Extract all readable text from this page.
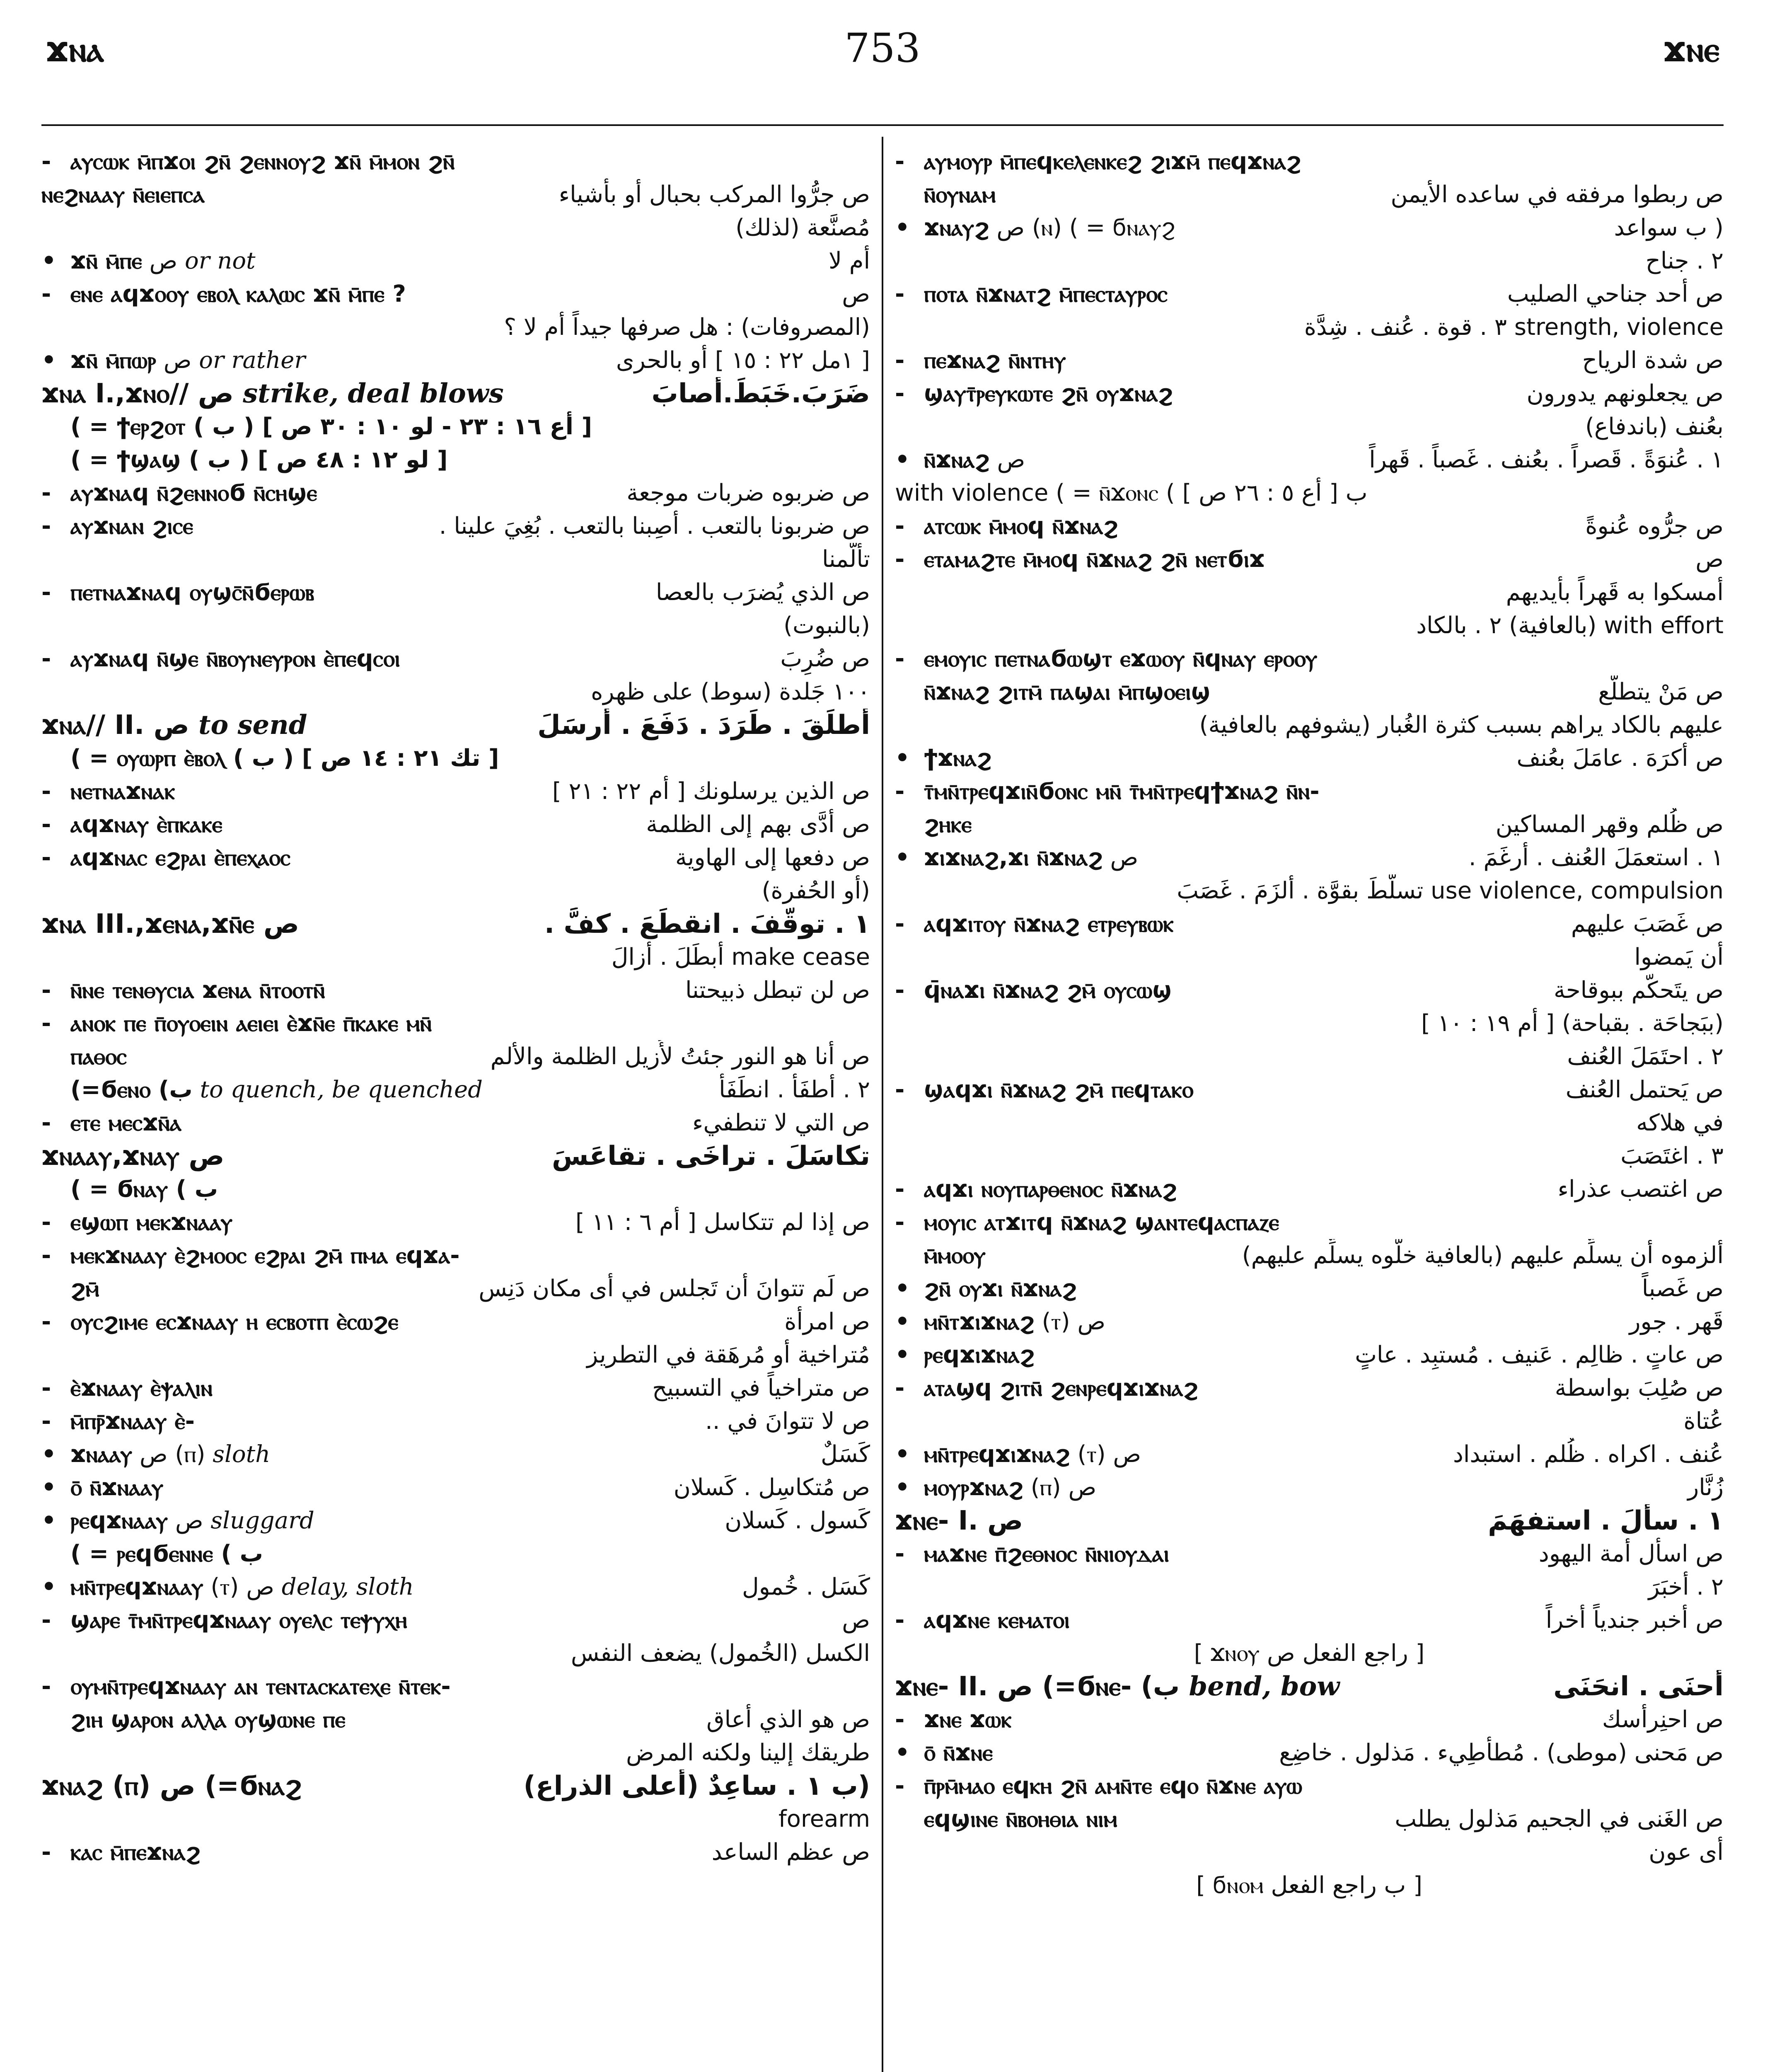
ϫⲛⲁ	753	ϫⲛⲉ
- ⲁⲩⲥⲱⲕ ⲙ̄ⲡϫⲟⲓ ϩⲛ̄ ϩⲉⲛⲛⲟⲩϩ ϫⲛ̄ ⲙ̄ⲙⲟⲛ ϩⲛ̄
ⲛⲉϩⲛⲁⲁⲩ ⲛ̄ⲉⲓⲉⲡⲥⲁ	ص جرُّوا المركب بحبال أو بأشياء
مُصنَّعة (لذلك)
• ϫⲛ̄ ⲙ̄ⲡⲉ ص or not	أم لا
- ⲉⲛⲉ ⲁϥϫⲟⲟⲩ ⲉⲃⲟⲗ ⲕⲁⲗⲱⲥ ϫⲛ̄ ⲙ̄ⲡⲉ ?	ص
(المصروفات) : هل صرفها جيداً أم لا ؟
• ϫⲛ̄ ⲙ̄ⲡⲱⲣ ص or rather	[ ١مل ٢٢ : ١٥ ] أو بالحرى
ϫⲛⲁ I.,ϫⲛⲟ// ص strike, deal blows	ضَرَبَ.خَبَطَ.أصابَ
( = ϯⲉⲣϩⲟⲧ ( ب ) [ أع ١٦ : ٢٣ - لو ١٠ : ٣٠ ص ]
( = ϯϣⲁϣ ( ب ) [ لو ١٢ : ٤٨ ص ]
- ⲁⲩϫⲛⲁϥ ⲛ̄ϩⲉⲛⲛⲟϭ ⲛ̄ⲥⲏϣⲉ	ص ضربوه ضربات موجعة
- ⲁⲩϫⲛⲁⲛ ϩⲓⲥⲉ	ص ضربونا بالتعب . أصِبنا بالتعب . بُغِيَ علينا .
تألَّمنا
- ⲡⲉⲧⲛⲁϫⲛⲁϥ ⲟⲩϣⲥ̄ⲛ̄ϭⲉⲣⲱⲃ	ص الذي يُضرَب بالعصا
(بالنبوت)
- ⲁⲩϫⲛⲁϥ ⲛ̄ϣⲉ ⲛ̄ⲃⲟⲩⲛⲉⲩⲣⲟⲛ ⲉ̀ⲡⲉϥⲥⲟⲓ	ص ضُرِبَ
١٠٠ جَلدة (سوط) على ظهره
ϫⲛⲁ// II. ص to send	أطلَقَ . طَرَدَ . دَفَعَ . أرسَلَ
( = ⲟⲩⲱⲣⲡ ⲉ̀ⲃⲟⲗ ( ب ) [ تك ٢١ : ١٤ ص ]
- ⲛⲉⲧⲛⲁϫⲛⲁⲕ	ص الذين يرسلونك [ أم ٢٢ : ٢١ ]
- ⲁϥϫⲛⲁⲩ ⲉ̀ⲡⲕⲁⲕⲉ	ص أدَّى بهم إلى الظلمة
- ⲁϥϫⲛⲁⲥ ⲉϩⲣⲁⲓ ⲉ̀ⲡⲉⲭⲁⲟⲥ	ص دفعها إلى الهاوية
(أو الحُفرة)
ϫⲛⲁ III.,ϫⲉⲛⲁ,ϫⲛ̄ⲉ ص	١ . توقَّفَ . انقطَعَ . كفَّ .
make cease أبطَلَ . أزالَ
- ⲛ̄ⲛⲉ ⲧⲉⲛⲑⲩⲥⲓⲁ ϫⲉⲛⲁ ⲛ̄ⲧⲟⲟⲧⲛ̄	ص لن تبطل ذبيحتنا
- ⲁⲛⲟⲕ ⲡⲉ ⲡ̄ⲟⲩⲟⲉⲓⲛ ⲁⲉⲓⲉⲓ ⲉ̀ϫⲛ̄ⲉ ⲡ̄ⲕⲁⲕⲉ ⲙⲛ̄
ⲡⲁⲑⲟⲥ	ص أنا هو النور جئتُ لأُزيل الظلمة والألم
(=ϭⲉⲛⲟ (ب to quench, be quenched	٢ . أطفَأَ . انطَفَأَ
- ⲉⲧⲉ ⲙⲉⲥϫⲛ̄ⲁ	ص التي لا تنطفيء
ϫⲛⲁⲁⲩ,ϫⲛⲁⲩ ص	تكاسَلَ . تراخَى . تقاعَسَ
( = ϭⲛⲁⲩ ( ب
- ⲉϣⲱⲡ ⲙⲉⲕϫⲛⲁⲁⲩ	ص إذا لم تتكاسل [ أم ٦ : ١١ ]
- ⲙⲉⲕϫⲛⲁⲁⲩ ⲉ̀ϩⲙⲟⲟⲥ ⲉϩⲣⲁⲓ ϩⲙ̄ ⲡⲙⲁ ⲉϥϫⲁ-
ϩⲙ̄	ص لَم تتوانَ أن تَجلس في أى مكان دَنِس
- ⲟⲩⲥϩⲓⲙⲉ ⲉⲥϫⲛⲁⲁⲩ ⲏ ⲉⲥⲃⲟⲧⲡ ⲉ̀ⲥⲱϩⲉ	ص امرأة
مُتراخية أو مُرهَقة في التطريز
- ⲉ̀ϫⲛⲁⲁⲩ ⲉ̀ⲯⲁⲗⲓⲛ	ص متراخياً في التسبيح
- ⲙ̄ⲡⲣ̄ϫⲛⲁⲁⲩ ⲉ̀-	ص لا تتوانَ في ..
• ϫⲛⲁⲁⲩ ص (ⲡ) sloth	كَسَلٌ
• ⲟ̄ ⲛ̄ϫⲛⲁⲁⲩ	ص مُتكاسِل . كَسلان
• ⲣⲉϥϫⲛⲁⲁⲩ ص sluggard	كَسول . كَسلان
( = ⲣⲉϥϭⲉⲛⲛⲉ ( ب
• ⲙⲛ̄ⲧⲣⲉϥϫⲛⲁⲁⲩ (ⲧ) ص delay, sloth	كَسَل . خُمول
- ϣⲁⲣⲉ ⲧ̄ⲙⲛ̄ⲧⲣⲉϥϫⲛⲁⲁⲩ ⲟⲩⲉⲗⲥ ⲧⲉⲯⲩⲭⲏ	ص
الكسل (الخُمول) يضعف النفس
- ⲟⲩⲙⲛ̄ⲧⲣⲉϥϫⲛⲁⲁⲩ ⲁⲛ ⲧⲉⲛⲧⲁⲥⲕⲁⲧⲉⲭⲉ ⲛ̄ⲧⲉⲕ-
ϩⲓⲏ ϣⲁⲣⲟⲛ ⲁⲗⲗⲁ ⲟⲩϣⲱⲛⲉ ⲡⲉ	ص هو الذي أعاق
طريقك إلينا ولكنه المرض
ϫⲛⲁϩ (ⲡ) ص (=ϭⲛⲁϩ	(ب ١ . ساعِدٌ (أعلى الذراع)
forearm
- ⲕⲁⲥ ⲙ̄ⲡⲉϫⲛⲁϩ	ص عظم الساعد
- ⲁⲩⲙⲟⲩⲣ ⲙ̄ⲡⲉϥⲕⲉⲗⲉⲛⲕⲉϩ ϩⲓϫⲙ̄ ⲡⲉϥϫⲛⲁϩ
ⲛ̄ⲟⲩⲛⲁⲙ	ص ربطوا مرفقه في ساعده الأيمن
• ϫⲛⲁⲩϩ ص (ⲛ) ( = ϭⲛⲁⲩϩ	( ب سواعد
٢ . جناح
- ⲡⲟⲧⲁ ⲛ̄ϫⲛⲁⲧϩ ⲙ̄ⲡⲉⲥⲧⲁⲩⲣⲟⲥ	ص أحد جناحي الصليب
strength, violence ٣ . قوة . عُنف . شِدَّة
- ⲡⲉϫⲛⲁϩ ⲛ̄ⲛⲧⲏⲩ	ص شدة الرياح
- ϣⲁⲩⲧ̄ⲣⲉⲩⲕⲱⲧⲉ ϩⲛ̄ ⲟⲩϫⲛⲁϩ	ص يجعلونهم يدورون
بعُنف (باندفاع)
• ⲛ̄ϫⲛⲁϩ ص	١ . عُنوَةً . قَصراً . بعُنف . غَصباً . قَهراً
with violence ( = ⲛ̄ϫⲟⲛⲥ ( ب [ أع ٥ : ٢٦ ص ]
- ⲁⲧⲥⲱⲕ ⲙ̄ⲙⲟϥ ⲛ̄ϫⲛⲁϩ	ص جرُّوه عُنوةً
- ⲉⲧⲁⲙⲁϩⲧⲉ ⲙ̄ⲙⲟϥ ⲛ̄ϫⲛⲁϩ ϩⲛ̄ ⲛⲉⲧϭⲓϫ	ص
أمسكوا به قَهراً بأيديهم
with effort (بالعافية) ٢ . بالكاد
- ⲉⲙⲟⲩⲓⲥ ⲡⲉⲧⲛⲁϭⲱϣⲧ ⲉϫⲱⲟⲩ ⲛ̄ϥⲛⲁⲩ ⲉⲣⲟⲟⲩ
ⲛ̄ϫⲛⲁϩ ϩⲓⲧⲙ̄ ⲡⲁϣⲁⲓ ⲙ̄ⲡϣⲟⲉⲓϣ	ص مَنْ يتطلَّع
عليهم بالكاد يراهم بسبب كثرة الغُبار (يشوفهم بالعافية)
• ϯϫⲛⲁϩ	ص أكرَهَ . عامَلَ بعُنف
- ⲧ̄ⲙⲛ̄ⲧⲣⲉϥϫⲓⲛ̄ϭⲟⲛⲥ ⲙⲛ̄ ⲧ̄ⲙⲛ̄ⲧⲣⲉϥϯϫⲛⲁϩ ⲛ̄ⲛ-
ϩⲏⲕⲉ	ص ظُلم وقهر المساكين
• ϫⲓϫⲛⲁϩ,ϫⲓ ⲛ̄ϫⲛⲁϩ ص	١ . استعمَلَ العُنف . أرغَمَ .
use violence, compulsion تسلَّطَ بقوَّة . ألزَمَ . غَصَبَ
- ⲁϥϫⲓⲧⲟⲩ ⲛ̄ϫⲛⲁϩ ⲉⲧⲣⲉⲩⲃⲱⲕ	ص غَصَبَ عليهم
أن يَمضوا
- ϥ̄ⲛⲁϫⲓ ⲛ̄ϫⲛⲁϩ ϩⲙ̄ ⲟⲩⲥⲱϣ	ص يتَحكَّم ببوقاحة
(ببَجاحَة . بقباحة) [ أم ١٩ : ١٠ ]
٢ . احتَمَلَ العُنف
- ϣⲁϥϫⲓ ⲛ̄ϫⲛⲁϩ ϩⲙ̄ ⲡⲉϥⲧⲁⲕⲟ	ص يَحتمل العُنف
في هلاكه
٣ . اغتَصَبَ
- ⲁϥϫⲓ ⲛⲟⲩⲡⲁⲣⲑⲉⲛⲟⲥ ⲛ̄ϫⲛⲁϩ	ص اغتصب عذراء
- ⲙⲟⲩⲓⲥ ⲁⲧϫⲓⲧϥ ⲛ̄ϫⲛⲁϩ ϣⲁⲛⲧⲉϥⲁⲥⲡⲁⲍⲉ
ⲙ̄ⲙⲟⲟⲩ	ألزموه أن يسلِّم عليهم (بالعافية خلُّوه يسلِّم عليهم)
• ϩⲛ̄ ⲟⲩϫⲓ ⲛ̄ϫⲛⲁϩ	ص غَصباً
• ⲙⲛ̄ⲧϫⲓϫⲛⲁϩ (ⲧ) ص	قَهر . جور
• ⲣⲉϥϫⲓϫⲛⲁϩ	ص عاتٍ . ظالِم . عَنيف . مُستبِد . عاتٍ
- ⲁⲧⲁϣϥ ϩⲓⲧⲛ̄ ϩⲉⲛⲣⲉϥϫⲓϫⲛⲁϩ	ص صُلِبَ بواسطة
عُتاة
• ⲙⲛ̄ⲧⲣⲉϥϫⲓϫⲛⲁϩ (ⲧ) ص	عُنف . اكراه . ظُلم . استبداد
• ⲙⲟⲩⲣϫⲛⲁϩ (ⲡ) ص	زُنَّار
ϫⲛⲉ- I. ص	١ . سأَلَ . استفهَمَ
- ⲙⲁϫⲛⲉ ⲡ̄ϩⲉⲑⲛⲟⲥ ⲛ̄ⲛⲓⲟⲩⲇⲁⲓ	ص اسأل أمة اليهود
٢ . أخبَرَ
- ⲁϥϫⲛⲉ ⲕⲉⲙⲁⲧⲟⲓ	ص أخبر جندياً أخراً
[ ϫⲛⲟⲩ راجع الفعل ص ]
ϫⲛⲉ- II. ص (=ϭⲛⲉ- (ب bend, bow	أحنَى . انحَنَى
- ϫⲛⲉ ϫⲱⲕ	ص احنِرأسك
• ⲟ̄ ⲛ̄ϫⲛⲉ	ص مَحنى (موطى) . مُطأطِيء . مَذلول . خاضِع
- ⲡ̄ⲣⲙ̄ⲙⲁⲟ ⲉϥⲕⲏ ϩⲛ̄ ⲁⲙⲛ̄ⲧⲉ ⲉϥⲟ ⲛ̄ϫⲛⲉ ⲁⲩⲱ
ⲉϥϣⲓⲛⲉ ⲛ̄ⲃⲟⲏⲑⲓⲁ ⲛⲓⲙ	ص الغَنى في الجحيم مَذلول يطلب
أى عون
[ ϭⲛⲟⲙ ب راجع الفعل ]
